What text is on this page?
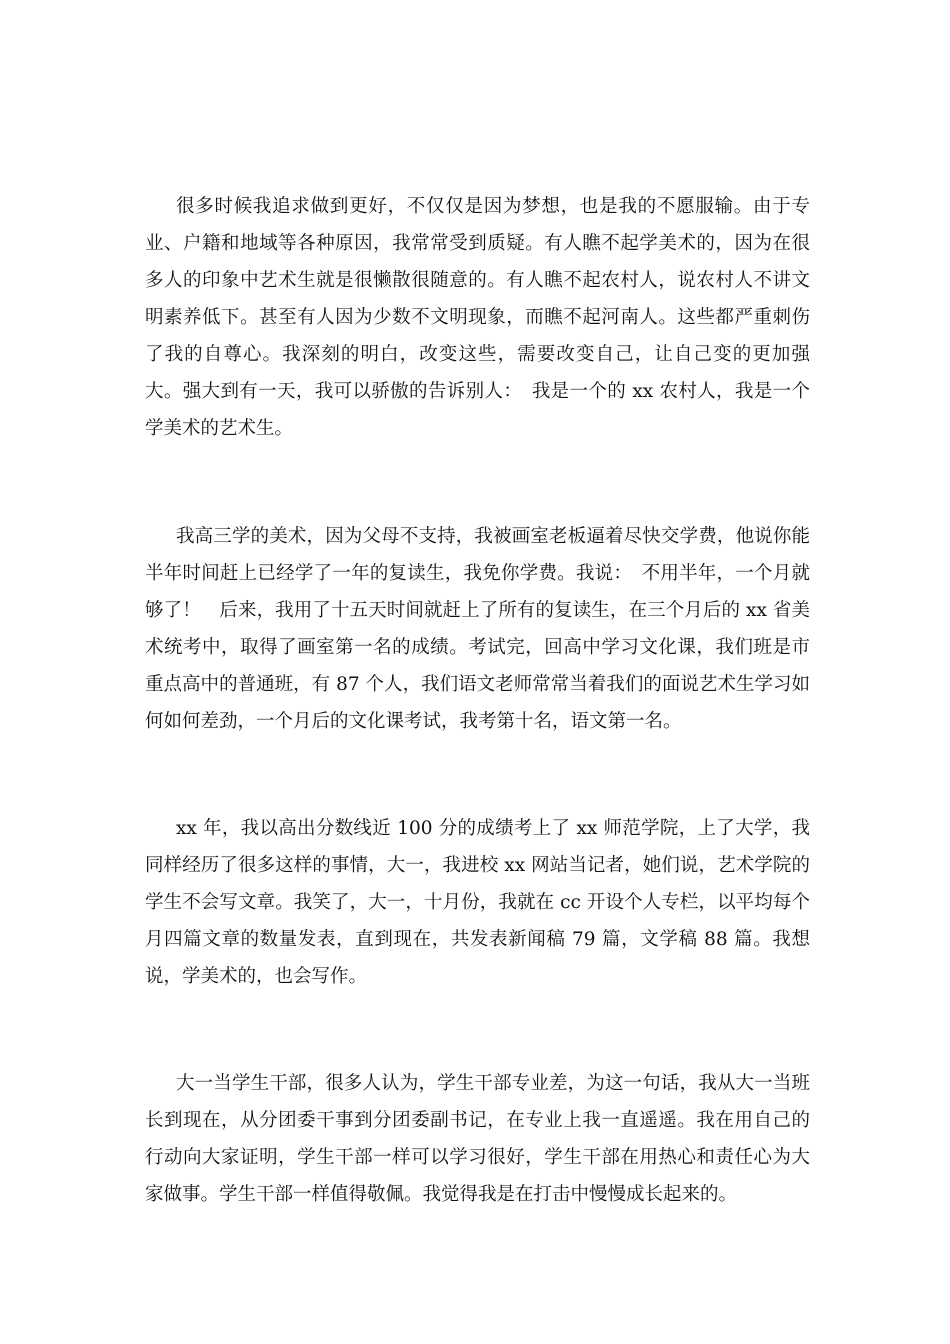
很多时候我追求做到更好，不仅仅是因为梦想，也是我的不愿服输。由于专业、户籍和地域等各种原因，我常常受到质疑。有人瞧不起学美术的，因为在很多人的印象中艺术生就是很懒散很随意的。有人瞧不起农村人，说农村人不讲文明素养低下。甚至有人因为少数不文明现象，而瞧不起河南人。这些都严重刺伤了我的自尊心。我深刻的明白，改变这些，需要改变自己，让自己变的更加强大。强大到有一天，我可以骄傲的告诉别人：　我是一个的 xx 农村人，我是一个学美术的艺术生。

我高三学的美术，因为父母不支持，我被画室老板逼着尽快交学费，他说你能半年时间赶上已经学了一年的复读生，我免你学费。我说：　不用半年，一个月就够了！　后来，我用了十五天时间就赶上了所有的复读生，在三个月后的 xx 省美术统考中，取得了画室第一名的成绩。考试完，回高中学习文化课，我们班是市重点高中的普通班，有 87 个人，我们语文老师常常当着我们的面说艺术生学习如何如何差劲，一个月后的文化课考试，我考第十名，语文第一名。

xx 年，我以高出分数线近 100 分的成绩考上了 xx 师范学院，上了大学，我同样经历了很多这样的事情，大一，我进校 xx 网站当记者，她们说，艺术学院的学生不会写文章。我笑了，大一，十月份，我就在 cc 开设个人专栏，以平均每个月四篇文章的数量发表，直到现在，共发表新闻稿 79 篇，文学稿 88 篇。我想说，学美术的，也会写作。

大一当学生干部，很多人认为，学生干部专业差，为这一句话，我从大一当班长到现在，从分团委干事到分团委副书记，在专业上我一直遥遥。我在用自己的行动向大家证明，学生干部一样可以学习很好，学生干部在用热心和责任心为大家做事。学生干部一样值得敬佩。我觉得我是在打击中慢慢成长起来的。
